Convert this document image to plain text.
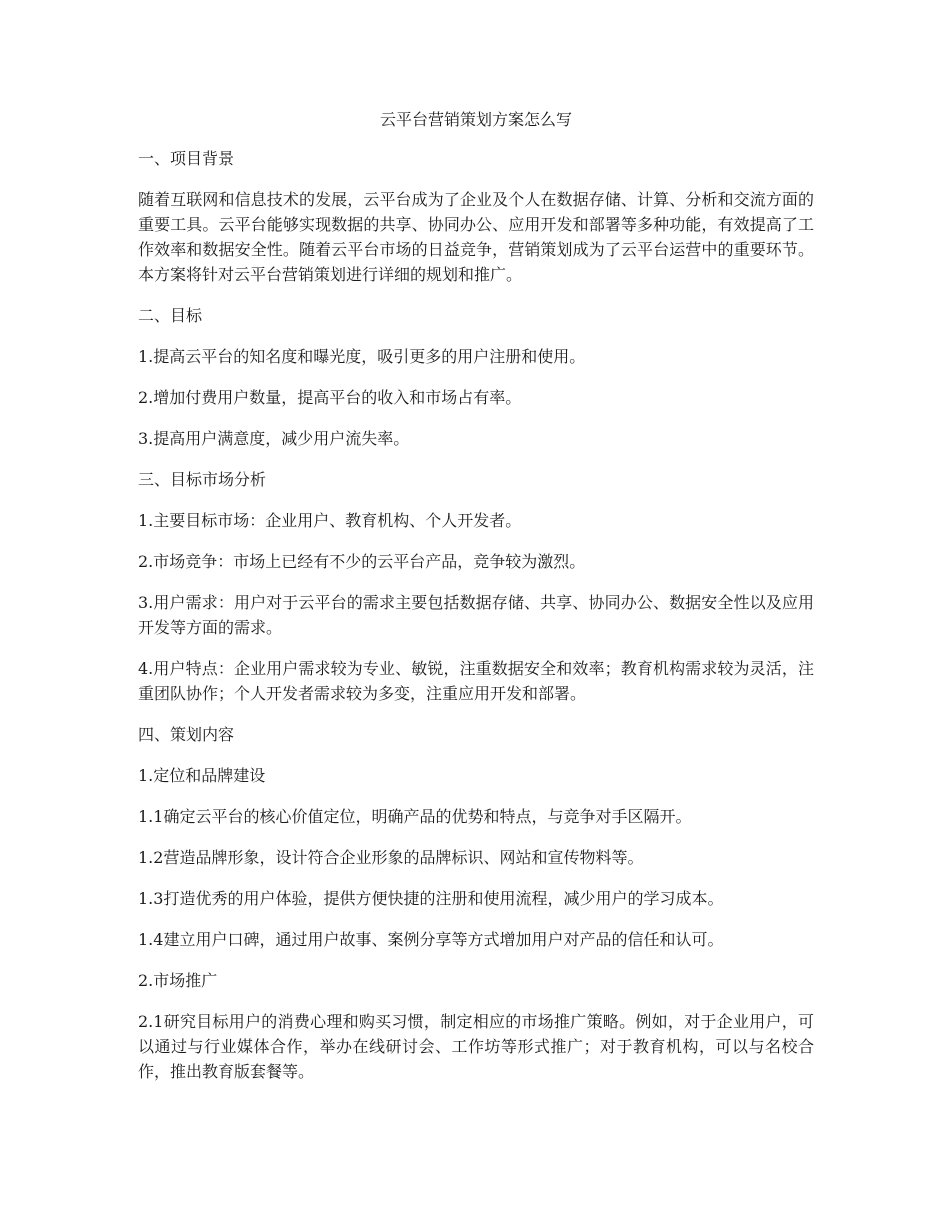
云平台营销策划方案怎么写
一、项目背景
随着互联网和信息技术的发展，云平台成为了企业及个人在数据存储、计算、分析和交流方面的重要工具。云平台能够实现数据的共享、协同办公、应用开发和部署等多种功能，有效提高了工作效率和数据安全性。随着云平台市场的日益竞争，营销策划成为了云平台运营中的重要环节。本方案将针对云平台营销策划进行详细的规划和推广。
二、目标
1.提高云平台的知名度和曝光度，吸引更多的用户注册和使用。
2.增加付费用户数量，提高平台的收入和市场占有率。
3.提高用户满意度，减少用户流失率。
三、目标市场分析
1.主要目标市场：企业用户、教育机构、个人开发者。
2.市场竞争：市场上已经有不少的云平台产品，竞争较为激烈。
3.用户需求：用户对于云平台的需求主要包括数据存储、共享、协同办公、数据安全性以及应用开发等方面的需求。
4.用户特点：企业用户需求较为专业、敏锐，注重数据安全和效率；教育机构需求较为灵活，注重团队协作；个人开发者需求较为多变，注重应用开发和部署。
四、策划内容
1.定位和品牌建设
1.1确定云平台的核心价值定位，明确产品的优势和特点，与竞争对手区隔开。
1.2营造品牌形象，设计符合企业形象的品牌标识、网站和宣传物料等。
1.3打造优秀的用户体验，提供方便快捷的注册和使用流程，减少用户的学习成本。
1.4建立用户口碑，通过用户故事、案例分享等方式增加用户对产品的信任和认可。
2.市场推广
2.1研究目标用户的消费心理和购买习惯，制定相应的市场推广策略。例如，对于企业用户，可以通过与行业媒体合作，举办在线研讨会、工作坊等形式推广；对于教育机构，可以与名校合作，推出教育版套餐等。
